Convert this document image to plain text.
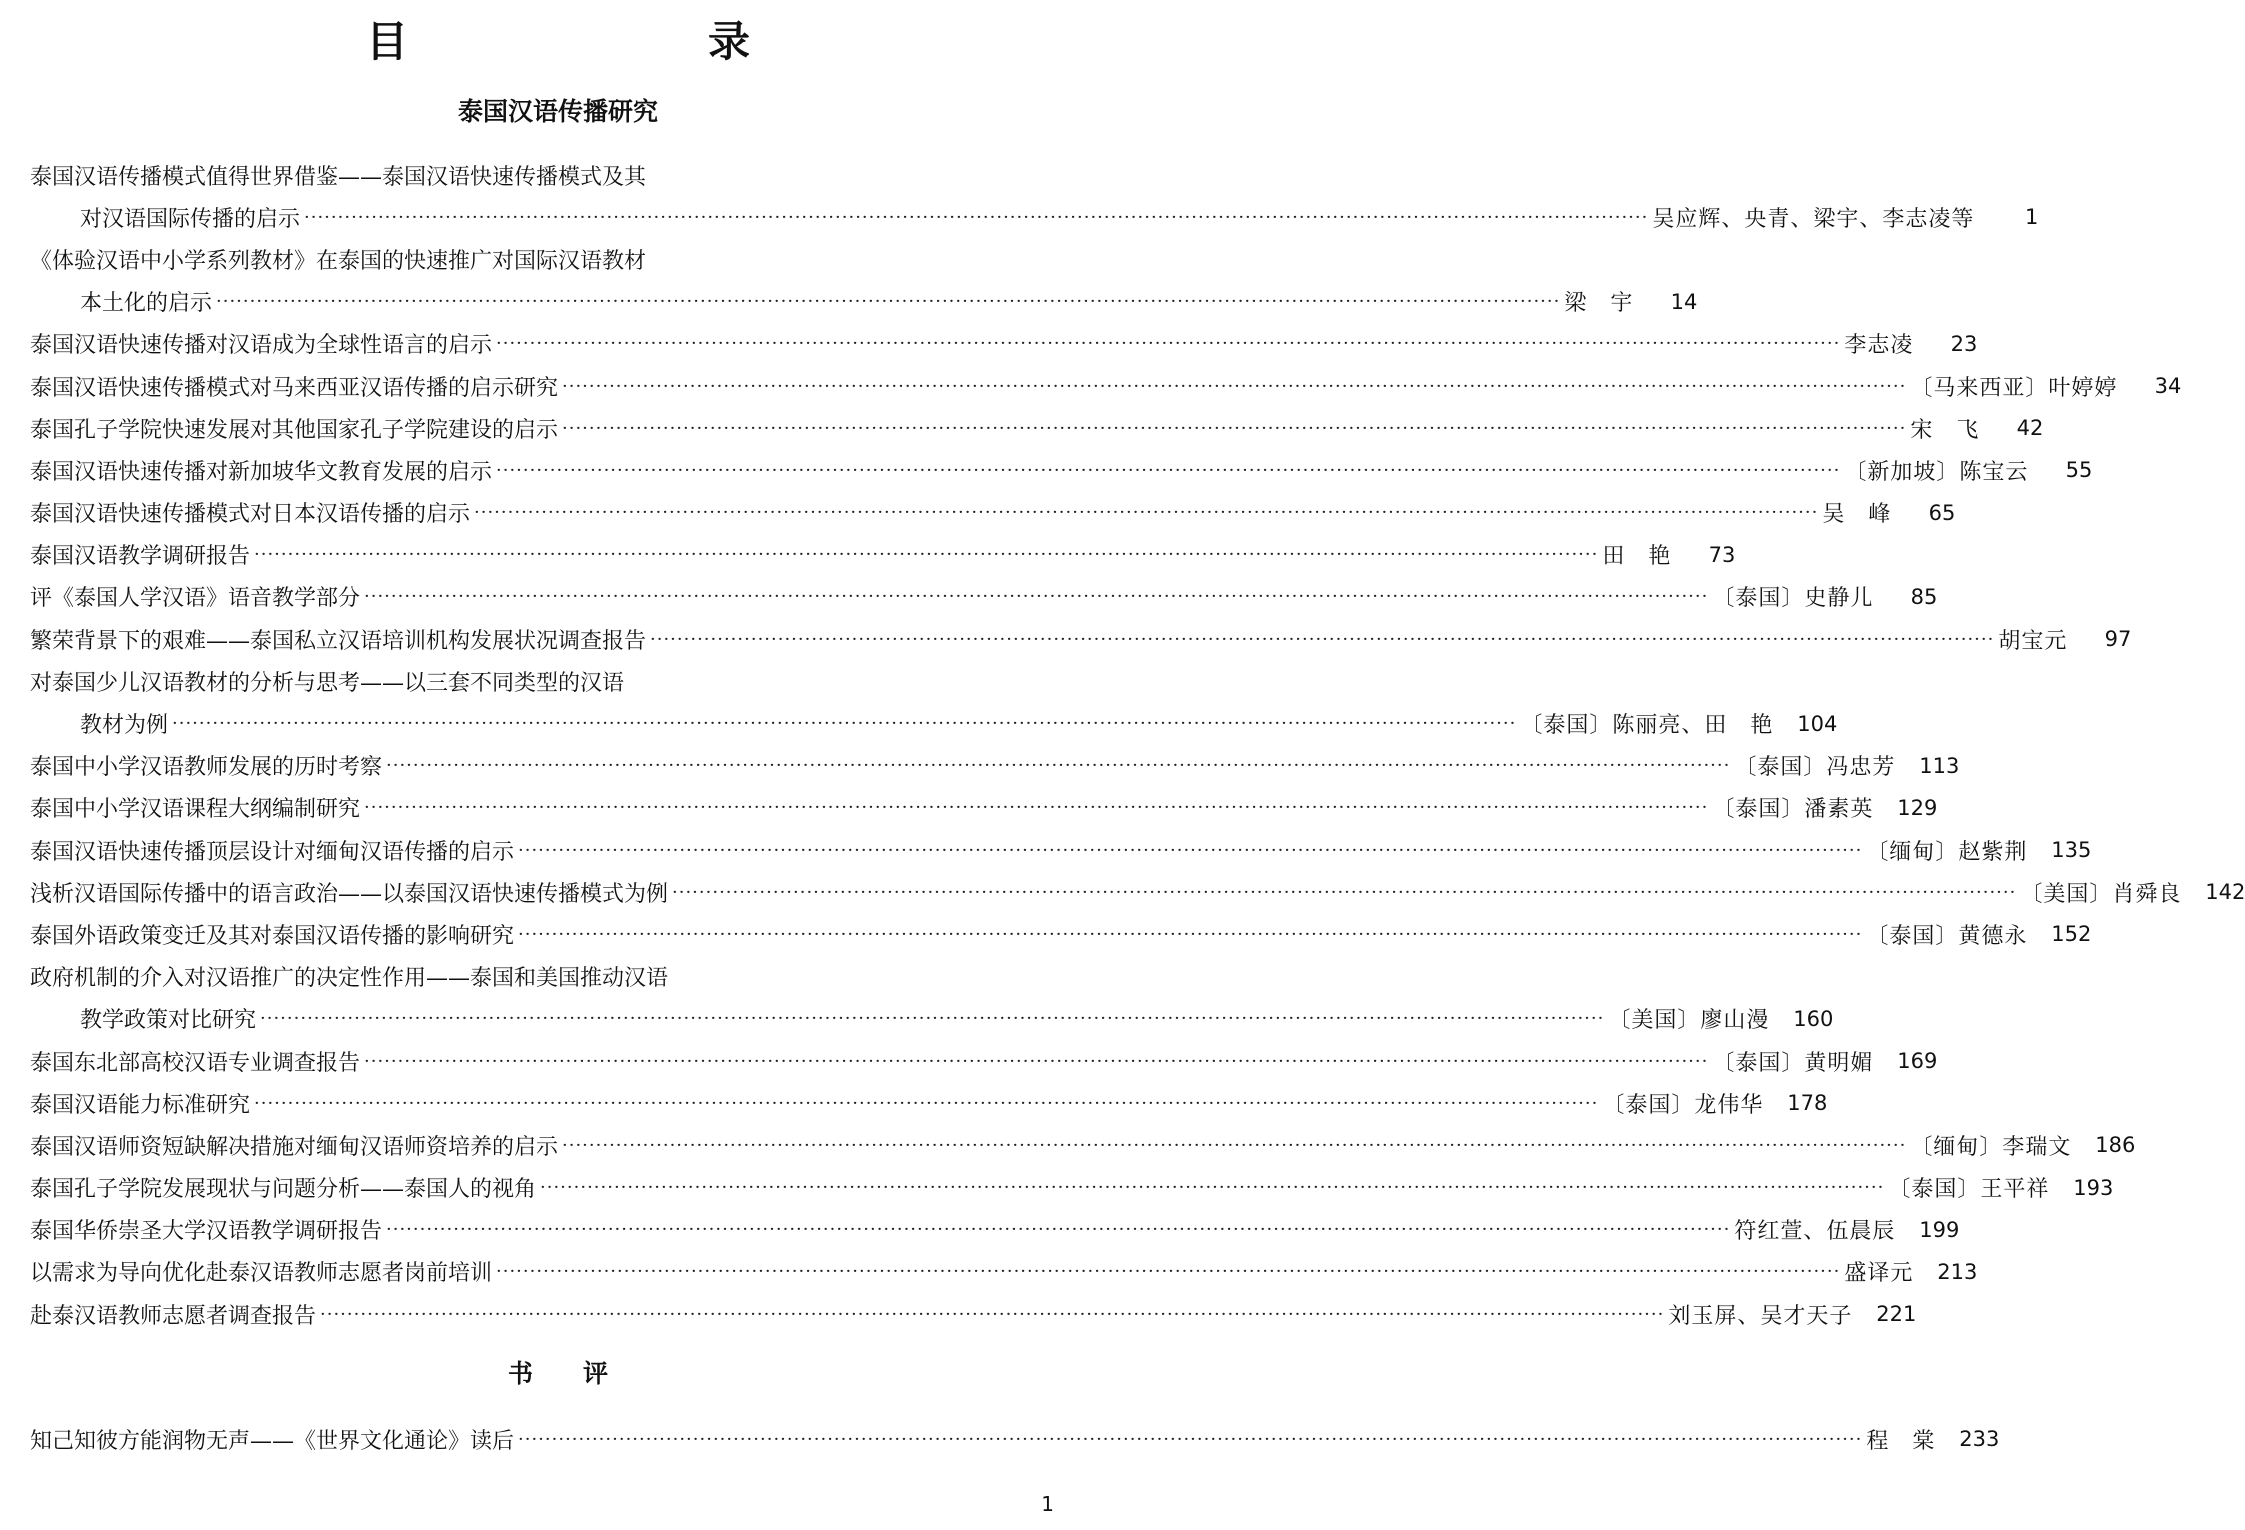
目　　录
泰国汉语传播研究
泰国汉语传播模式值得世界借鉴——泰国汉语快速传播模式及其
对汉语国际传播的启示 ········································································································································································································ 吴应辉、央青、梁宇、李志凌等	1
《体验汉语中小学系列教材》在泰国的快速推广对国际汉语教材
本土化的启示 ········································································································································································································ 梁　宇	14
泰国汉语快速传播对汉语成为全球性语言的启示 ········································································································································································································ 李志凌	23
泰国汉语快速传播模式对马来西亚汉语传播的启示研究 ········································································································································································································ 〔马来西亚〕叶婷婷	34
泰国孔子学院快速发展对其他国家孔子学院建设的启示 ········································································································································································································ 宋　飞	42
泰国汉语快速传播对新加坡华文教育发展的启示 ········································································································································································································ 〔新加坡〕陈宝云	55
泰国汉语快速传播模式对日本汉语传播的启示 ········································································································································································································ 吴　峰	65
泰国汉语教学调研报告 ········································································································································································································ 田　艳	73
评《泰国人学汉语》语音教学部分 ········································································································································································································ 〔泰国〕史静儿	85
繁荣背景下的艰难——泰国私立汉语培训机构发展状况调查报告 ········································································································································································································ 胡宝元	97
对泰国少儿汉语教材的分析与思考——以三套不同类型的汉语
教材为例 ········································································································································································································ 〔泰国〕陈丽亮、田　艳	104
泰国中小学汉语教师发展的历时考察 ········································································································································································································ 〔泰国〕冯忠芳	113
泰国中小学汉语课程大纲编制研究 ········································································································································································································ 〔泰国〕潘素英	129
泰国汉语快速传播顶层设计对缅甸汉语传播的启示 ········································································································································································································ 〔缅甸〕赵紫荆	135
浅析汉语国际传播中的语言政治——以泰国汉语快速传播模式为例 ········································································································································································································ 〔美国〕肖舜良	142
泰国外语政策变迁及其对泰国汉语传播的影响研究 ········································································································································································································ 〔泰国〕黄德永	152
政府机制的介入对汉语推广的决定性作用——泰国和美国推动汉语
教学政策对比研究 ········································································································································································································ 〔美国〕廖山漫	160
泰国东北部高校汉语专业调查报告 ········································································································································································································ 〔泰国〕黄明媚	169
泰国汉语能力标准研究 ········································································································································································································ 〔泰国〕龙伟华	178
泰国汉语师资短缺解决措施对缅甸汉语师资培养的启示 ········································································································································································································ 〔缅甸〕李瑞文	186
泰国孔子学院发展现状与问题分析——泰国人的视角 ········································································································································································································ 〔泰国〕王平祥	193
泰国华侨崇圣大学汉语教学调研报告 ········································································································································································································ 符红萱、伍晨辰	199
以需求为导向优化赴泰汉语教师志愿者岗前培训 ········································································································································································································ 盛译元	213
赴泰汉语教师志愿者调查报告 ········································································································································································································ 刘玉屏、吴才天子	221
书评
知己知彼方能润物无声——《世界文化通论》读后 ········································································································································································································ 程　棠	233
1
